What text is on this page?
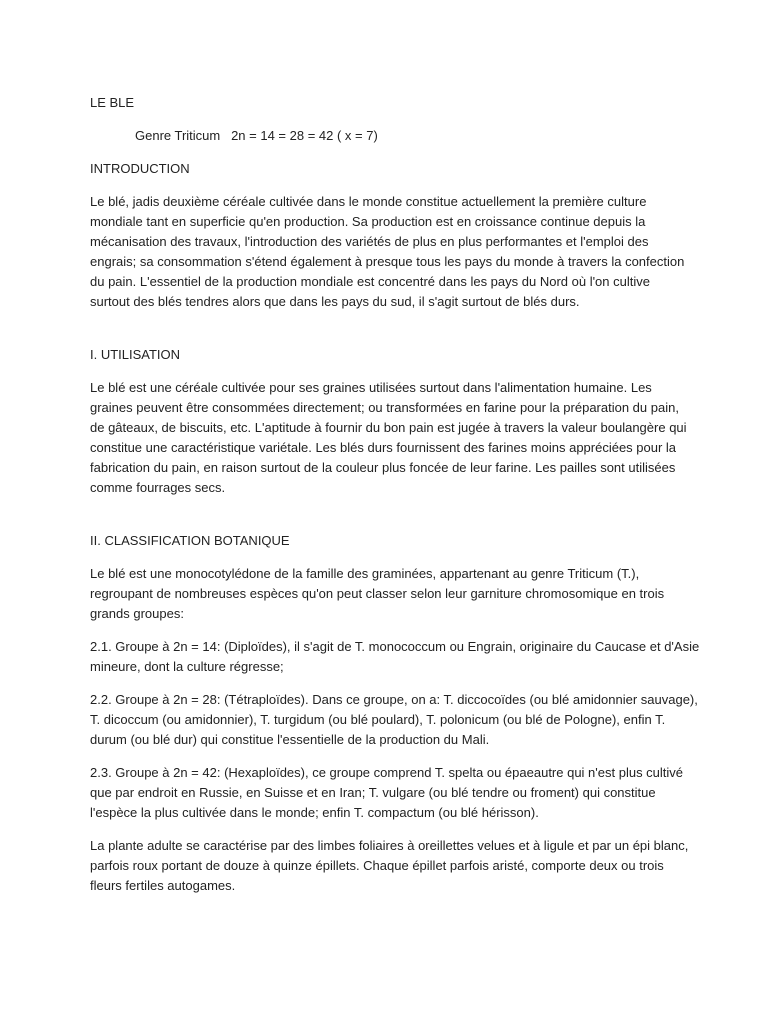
LE BLE

Genre Triticum   2n = 14 = 28 = 42 ( x = 7)

INTRODUCTION

Le blé, jadis deuxième céréale cultivée dans le monde constitue actuellement la première culture
mondiale tant en superficie qu'en production. Sa production est en croissance continue depuis la
mécanisation des travaux, l'introduction des variétés de plus en plus performantes et l'emploi des
engrais; sa consommation s'étend également à presque tous les pays du monde à travers la confection
du pain. L'essentiel de la production mondiale est concentré dans les pays du Nord où l'on cultive
surtout des blés tendres alors que dans les pays du sud, il s'agit surtout de blés durs.

I. UTILISATION

Le blé est une céréale cultivée pour ses graines utilisées surtout dans l'alimentation humaine. Les
graines peuvent être consommées directement; ou transformées en farine pour la préparation du pain,
de gâteaux, de biscuits, etc. L'aptitude à fournir du bon pain est jugée à travers la valeur boulangère qui
constitue une caractéristique variétale. Les blés durs fournissent des farines moins appréciées pour la
fabrication du pain, en raison surtout de la couleur plus foncée de leur farine. Les pailles sont utilisées
comme fourrages secs.

II. CLASSIFICATION BOTANIQUE

Le blé est une monocotylédone de la famille des graminées, appartenant au genre Triticum (T.),
regroupant de nombreuses espèces qu'on peut classer selon leur garniture chromosomique en trois
grands groupes:
2.1. Groupe à 2n = 14: (Diploïdes), il s'agit de T. monococcum ou Engrain, originaire du Caucase et d'Asie
mineure, dont la culture régresse;
2.2. Groupe à 2n = 28: (Tétraploïdes). Dans ce groupe, on a: T. diccocoïdes (ou blé amidonnier sauvage),
T. dicoccum (ou amidonnier), T. turgidum (ou blé poulard), T. polonicum (ou blé de Pologne), enfin T.
durum (ou blé dur) qui constitue l'essentielle de la production du Mali.
2.3. Groupe à 2n = 42: (Hexaploïdes), ce groupe comprend T. spelta ou épaeautre qui n'est plus cultivé
que par endroit en Russie, en Suisse et en Iran; T. vulgare (ou blé tendre ou froment) qui constitue
l'espèce la plus cultivée dans le monde; enfin T. compactum (ou blé hérisson).
La plante adulte se caractérise par des limbes foliaires à oreillettes velues et à ligule et par un épi blanc,
parfois roux portant de douze à quinze épillets. Chaque épillet parfois aristé, comporte deux ou trois
fleurs fertiles autogames.
